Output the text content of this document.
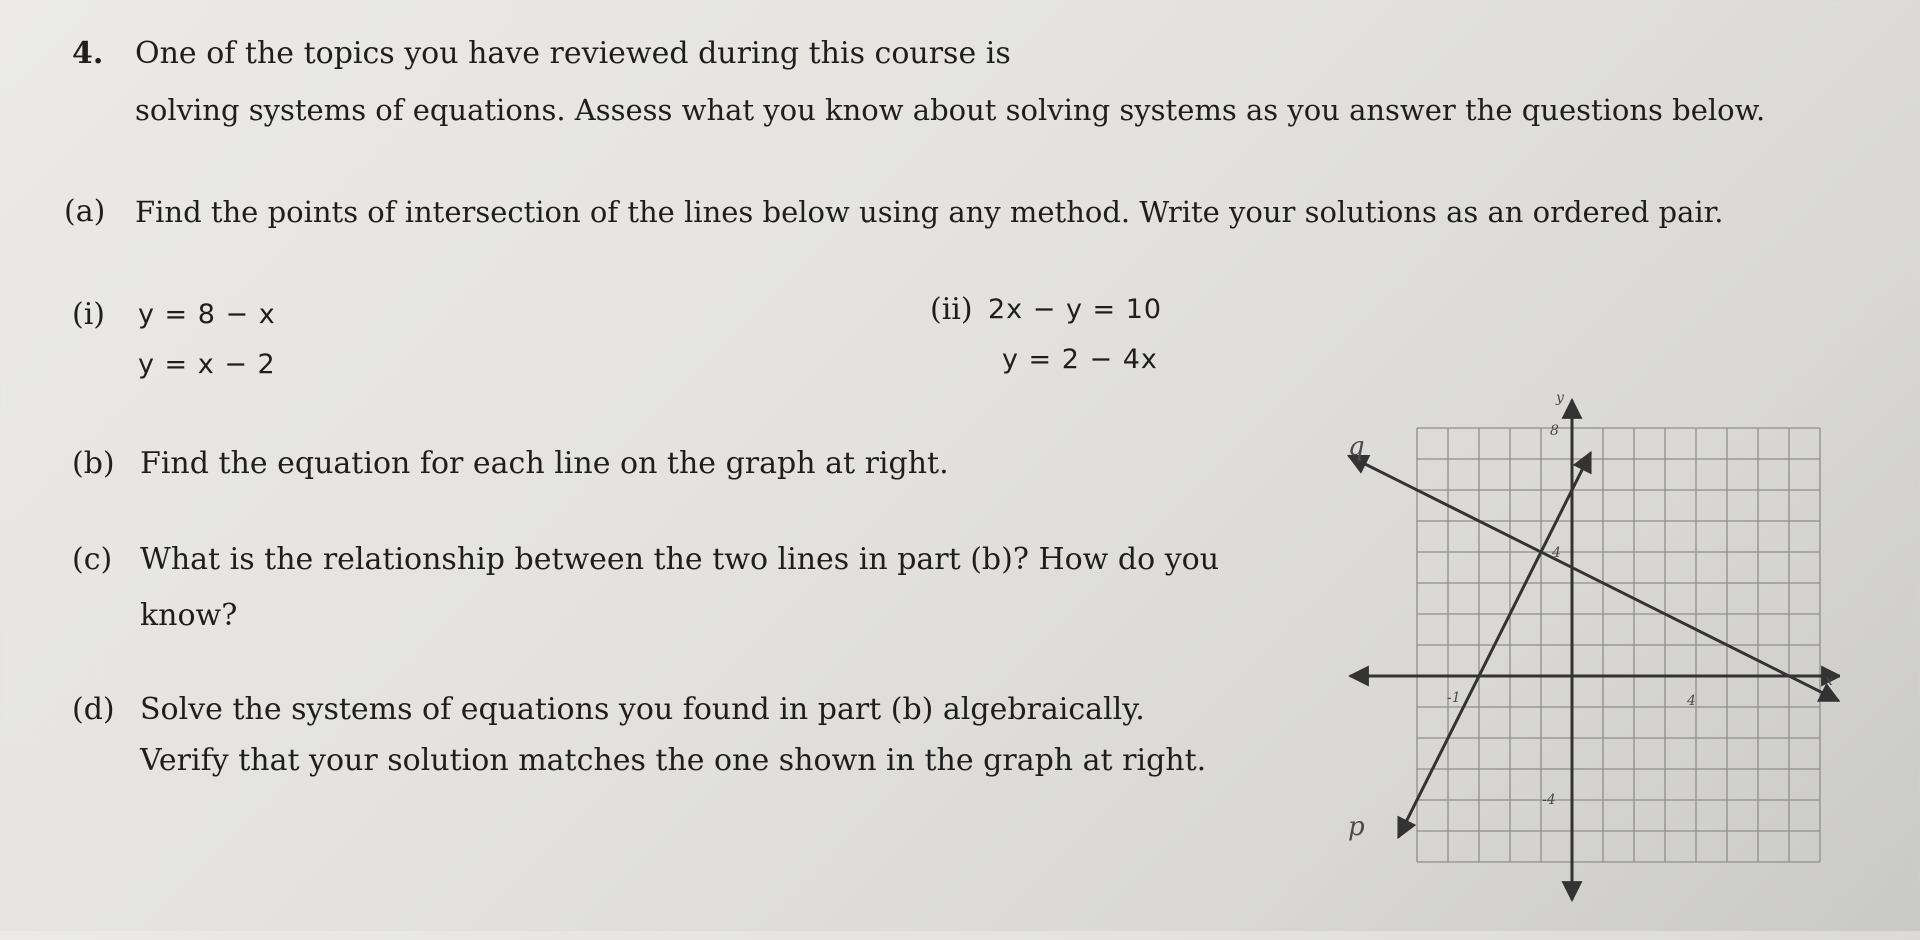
4. One of the topics you have reviewed during this course is
solving systems of equations. Assess what you know about solving systems as you answer the questions below.
(a) Find the points of intersection of the lines below using any method. Write your solutions as an ordered pair.
(i) y = 8 − x
y = x − 2
(ii) 2x − y = 10
y = 2 − 4x
(b) Find the equation for each line on the graph at right.
(c) What is the relationship between the two lines in part (b)? How do you
know?
(d) Solve the systems of equations you found in part (b) algebraically.
Verify that your solution matches the one shown in the graph at right.
y
x
8
4
4
-4
-1
q
p
